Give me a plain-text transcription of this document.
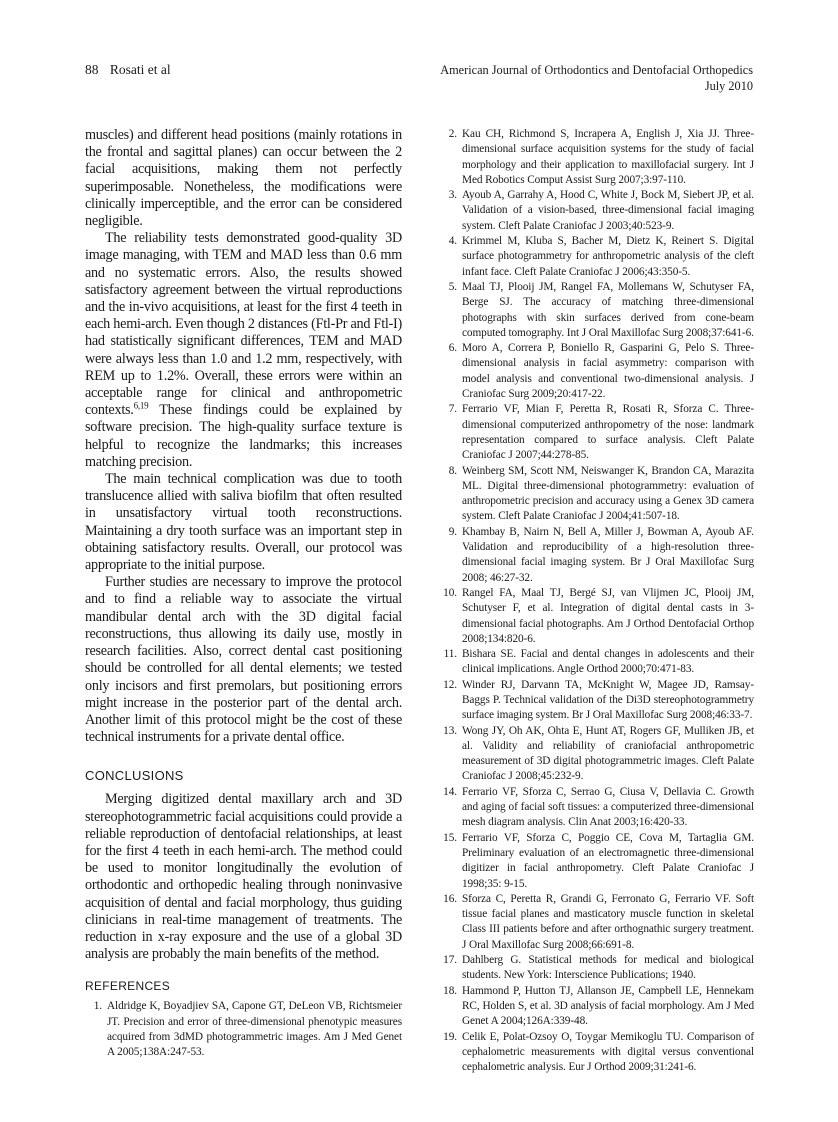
88 Rosati et al	American Journal of Orthodontics and Dentofacial Orthopedics
July 2010

muscles) and different head positions (mainly rotations in the frontal and sagittal planes) can occur between the 2 facial acquisitions, making them not perfectly superimposable. Nonetheless, the modifications were clinically imperceptible, and the error can be considered negligible.

The reliability tests demonstrated good-quality 3D image managing, with TEM and MAD less than 0.6 mm and no systematic errors. Also, the results showed satisfactory agreement between the virtual reproductions and the in-vivo acquisitions, at least for the first 4 teeth in each hemi-arch. Even though 2 distances (Ftl-Pr and Ftl-I) had statistically significant differences, TEM and MAD were always less than 1.0 and 1.2 mm, respectively, with REM up to 1.2%. Overall, these errors were within an acceptable range for clinical and anthropometric contexts.$^{6,19}$ These findings could be explained by software precision. The high-quality surface texture is helpful to recognize the landmarks; this increases matching precision.

The main technical complication was due to tooth translucence allied with saliva biofilm that often resulted in unsatisfactory virtual tooth reconstructions. Maintaining a dry tooth surface was an important step in obtaining satisfactory results. Overall, our protocol was appropriate to the initial purpose.

Further studies are necessary to improve the protocol and to find a reliable way to associate the virtual mandibular dental arch with the 3D digital facial reconstructions, thus allowing its daily use, mostly in research facilities. Also, correct dental cast positioning should be controlled for all dental elements; we tested only incisors and first premolars, but positioning errors might increase in the posterior part of the dental arch. Another limit of this protocol might be the cost of these technical instruments for a private dental office.

CONCLUSIONS

Merging digitized dental maxillary arch and 3D stereophotogrammetric facial acquisitions could provide a reliable reproduction of dentofacial relationships, at least for the first 4 teeth in each hemi-arch. The method could be used to monitor longitudinally the evolution of orthodontic and orthopedic healing through noninvasive acquisition of dental and facial morphology, thus guiding clinicians in real-time management of treatments. The reduction in x-ray exposure and the use of a global 3D analysis are probably the main benefits of the method.

REFERENCES
1. Aldridge K, Boyadjiev SA, Capone GT, DeLeon VB, Richtsmeier JT. Precision and error of three-dimensional phenotypic measures acquired from 3dMD photogrammetric images. Am J Med Genet A 2005;138A:247-53.
2. Kau CH, Richmond S, Incrapera A, English J, Xia JJ. Three-dimensional surface acquisition systems for the study of facial morphology and their application to maxillofacial surgery. Int J Med Robotics Comput Assist Surg 2007;3:97-110.
3. Ayoub A, Garrahy A, Hood C, White J, Bock M, Siebert JP, et al. Validation of a vision-based, three-dimensional facial imaging system. Cleft Palate Craniofac J 2003;40:523-9.
4. Krimmel M, Kluba S, Bacher M, Dietz K, Reinert S. Digital surface photogrammetry for anthropometric analysis of the cleft infant face. Cleft Palate Craniofac J 2006;43:350-5.
5. Maal TJ, Plooij JM, Rangel FA, Mollemans W, Schutyser FA, Berge SJ. The accuracy of matching three-dimensional photographs with skin surfaces derived from cone-beam computed tomography. Int J Oral Maxillofac Surg 2008;37:641-6.
6. Moro A, Correra P, Boniello R, Gasparini G, Pelo S. Three-dimensional analysis in facial asymmetry: comparison with model analysis and conventional two-dimensional analysis. J Craniofac Surg 2009;20:417-22.
7. Ferrario VF, Mian F, Peretta R, Rosati R, Sforza C. Three-dimensional computerized anthropometry of the nose: landmark representation compared to surface analysis. Cleft Palate Craniofac J 2007;44:278-85.
8. Weinberg SM, Scott NM, Neiswanger K, Brandon CA, Marazita ML. Digital three-dimensional photogrammetry: evaluation of anthropometric precision and accuracy using a Genex 3D camera system. Cleft Palate Craniofac J 2004;41:507-18.
9. Khambay B, Nairn N, Bell A, Miller J, Bowman A, Ayoub AF. Validation and reproducibility of a high-resolution three-dimensional facial imaging system. Br J Oral Maxillofac Surg 2008; 46:27-32.
10. Rangel FA, Maal TJ, Bergé SJ, van Vlijmen JC, Plooij JM, Schutyser F, et al. Integration of digital dental casts in 3-dimensional facial photographs. Am J Orthod Dentofacial Orthop 2008;134:820-6.
11. Bishara SE. Facial and dental changes in adolescents and their clinical implications. Angle Orthod 2000;70:471-83.
12. Winder RJ, Darvann TA, McKnight W, Magee JD, Ramsay-Baggs P. Technical validation of the Di3D stereophotogrammetry surface imaging system. Br J Oral Maxillofac Surg 2008;46:33-7.
13. Wong JY, Oh AK, Ohta E, Hunt AT, Rogers GF, Mulliken JB, et al. Validity and reliability of craniofacial anthropometric measurement of 3D digital photogrammetric images. Cleft Palate Craniofac J 2008;45:232-9.
14. Ferrario VF, Sforza C, Serrao G, Ciusa V, Dellavia C. Growth and aging of facial soft tissues: a computerized three-dimensional mesh diagram analysis. Clin Anat 2003;16:420-33.
15. Ferrario VF, Sforza C, Poggio CE, Cova M, Tartaglia GM. Preliminary evaluation of an electromagnetic three-dimensional digitizer in facial anthropometry. Cleft Palate Craniofac J 1998;35: 9-15.
16. Sforza C, Peretta R, Grandi G, Ferronato G, Ferrario VF. Soft tissue facial planes and masticatory muscle function in skeletal Class III patients before and after orthognathic surgery treatment. J Oral Maxillofac Surg 2008;66:691-8.
17. Dahlberg G. Statistical methods for medical and biological students. New York: Interscience Publications; 1940.
18. Hammond P, Hutton TJ, Allanson JE, Campbell LE, Hennekam RC, Holden S, et al. 3D analysis of facial morphology. Am J Med Genet A 2004;126A:339-48.
19. Celik E, Polat-Ozsoy O, Toygar Memikoglu TU. Comparison of cephalometric measurements with digital versus conventional cephalometric analysis. Eur J Orthod 2009;31:241-6.
